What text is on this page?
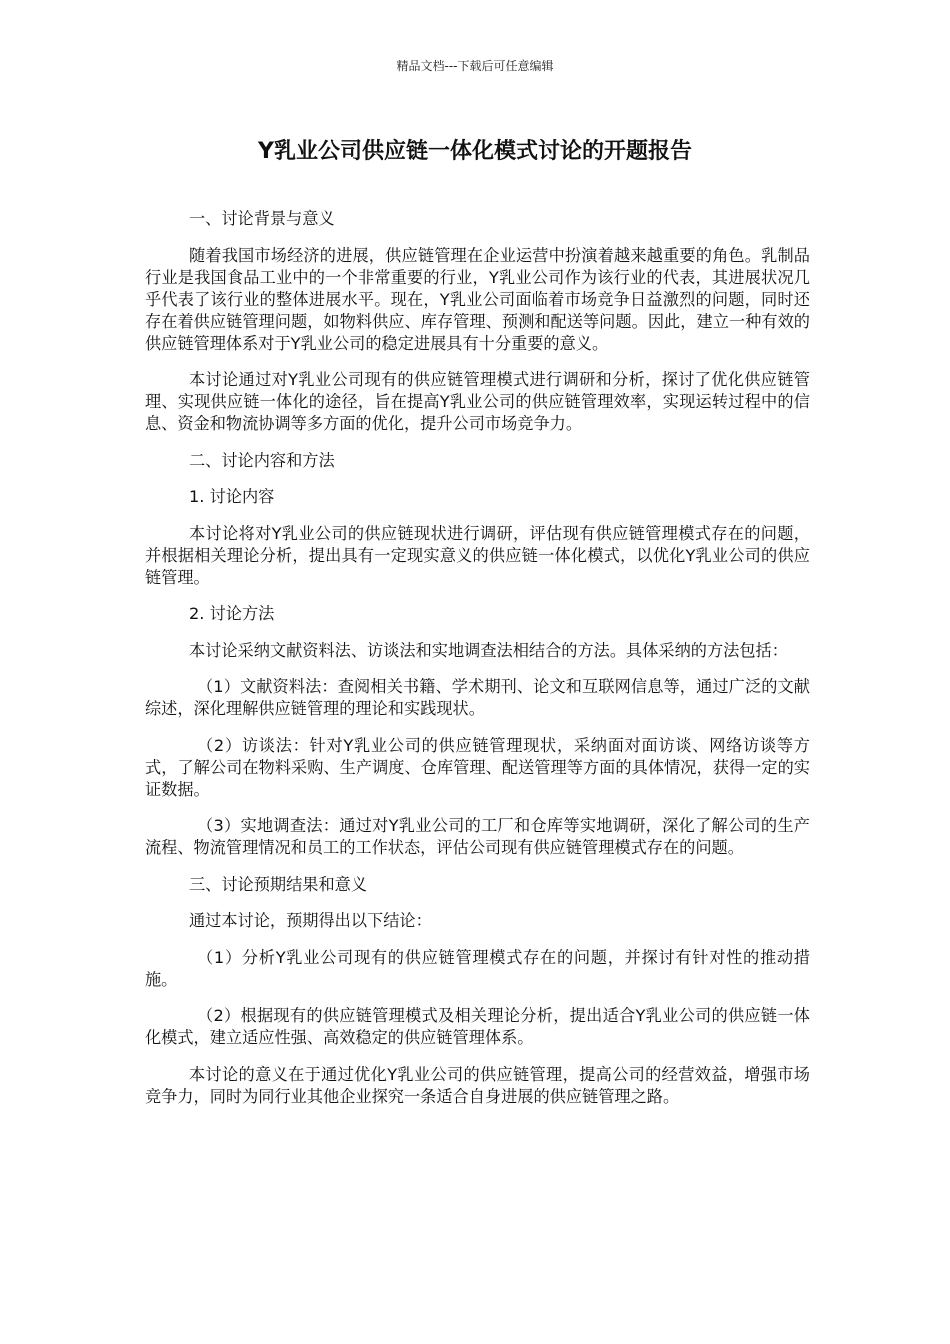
精品文档---下载后可任意编辑
Y乳业公司供应链一体化模式讨论的开题报告

一、讨论背景与意义

随着我国市场经济的进展，供应链管理在企业运营中扮演着越来越重要的角色。乳制品行业是我国食品工业中的一个非常重要的行业，Y乳业公司作为该行业的代表，其进展状况几乎代表了该行业的整体进展水平。现在，Y乳业公司面临着市场竞争日益激烈的问题，同时还存在着供应链管理问题，如物料供应、库存管理、预测和配送等问题。因此，建立一种有效的供应链管理体系对于Y乳业公司的稳定进展具有十分重要的意义。

本讨论通过对Y乳业公司现有的供应链管理模式进行调研和分析，探讨了优化供应链管理、实现供应链一体化的途径，旨在提高Y乳业公司的供应链管理效率，实现运转过程中的信息、资金和物流协调等多方面的优化，提升公司市场竞争力。

二、讨论内容和方法

1. 讨论内容

本讨论将对Y乳业公司的供应链现状进行调研，评估现有供应链管理模式存在的问题，并根据相关理论分析，提出具有一定现实意义的供应链一体化模式，以优化Y乳业公司的供应链管理。

2. 讨论方法

本讨论采纳文献资料法、访谈法和实地调查法相结合的方法。具体采纳的方法包括：

（1）文献资料法：查阅相关书籍、学术期刊、论文和互联网信息等，通过广泛的文献综述，深化理解供应链管理的理论和实践现状。

（2）访谈法：针对Y乳业公司的供应链管理现状，采纳面对面访谈、网络访谈等方式，了解公司在物料采购、生产调度、仓库管理、配送管理等方面的具体情况，获得一定的实证数据。

（3）实地调查法：通过对Y乳业公司的工厂和仓库等实地调研，深化了解公司的生产流程、物流管理情况和员工的工作状态，评估公司现有供应链管理模式存在的问题。

三、讨论预期结果和意义

通过本讨论，预期得出以下结论：

（1）分析Y乳业公司现有的供应链管理模式存在的问题，并探讨有针对性的推动措施。

（2）根据现有的供应链管理模式及相关理论分析，提出适合Y乳业公司的供应链一体化模式，建立适应性强、高效稳定的供应链管理体系。

本讨论的意义在于通过优化Y乳业公司的供应链管理，提高公司的经营效益，增强市场竞争力，同时为同行业其他企业探究一条适合自身进展的供应链管理之路。
